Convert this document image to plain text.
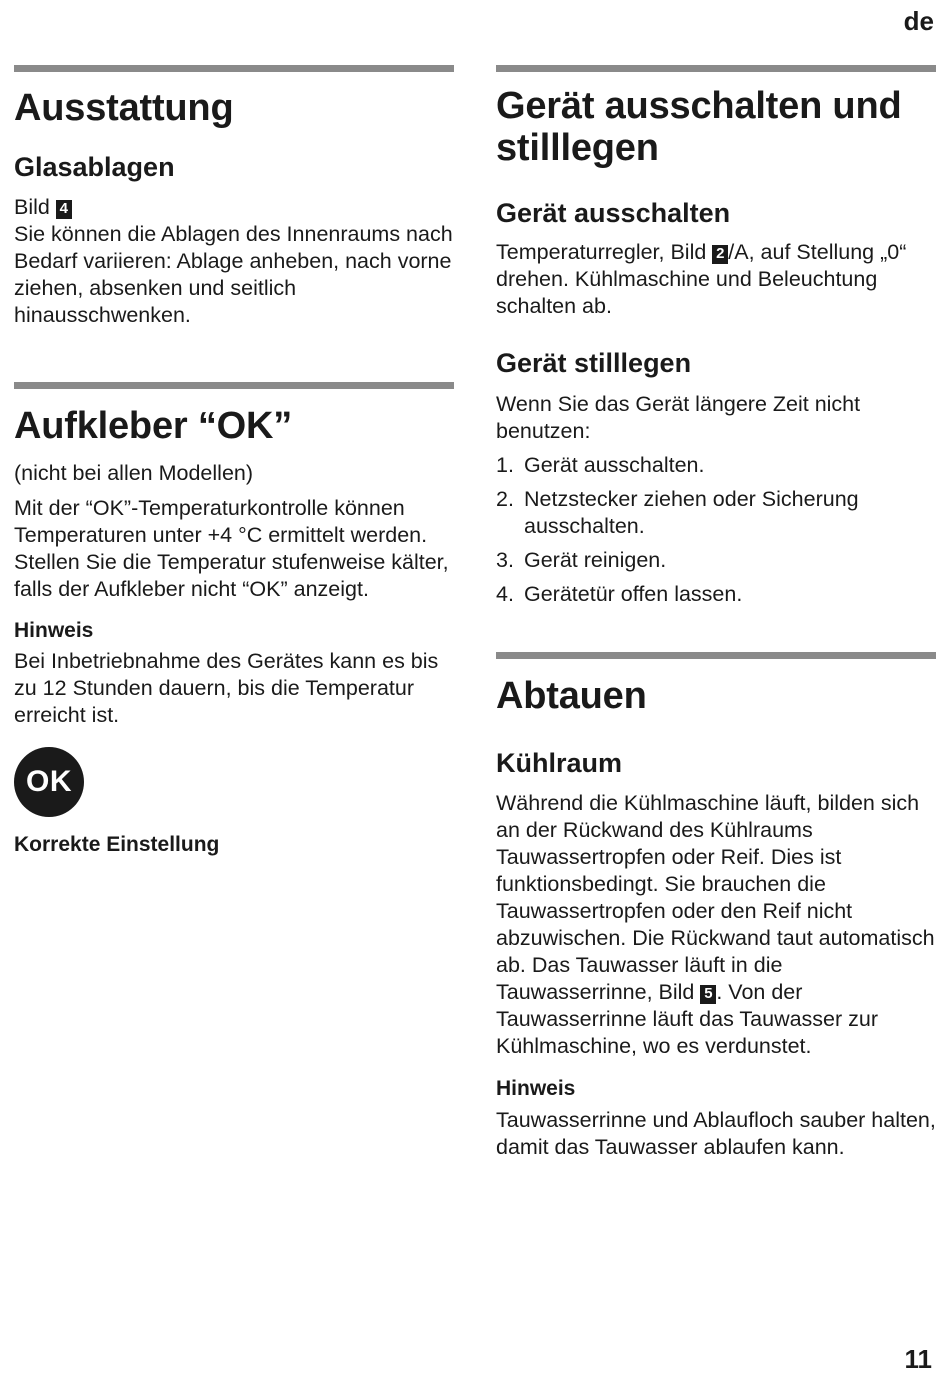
de
Ausstattung
Glasablagen

Bild 4

Sie können die Ablagen des Innenraums nach Bedarf variieren: Ablage anheben, nach vorne ziehen, absenken und seitlich hinausschwenken.

Aufkleber “OK”

(nicht bei allen Modellen)

Mit der “OK”-Temperaturkontrolle können Temperaturen unter +4 °C ermittelt werden. Stellen Sie die Temperatur stufenweise kälter, falls der Aufkleber nicht “OK” anzeigt.

Hinweis

Bei Inbetriebnahme des Gerätes kann es bis zu 12 Stunden dauern, bis die Temperatur erreicht ist.

OK
Korrekte Einstellung
Gerät ausschalten und stilllegen
Gerät ausschalten

Temperaturregler, Bild 2 /A, auf Stellung „0“ drehen. Kühlmaschine und Beleuchtung schalten ab.

Gerät stilllegen

Wenn Sie das Gerät längere Zeit nicht benutzen:

1. Gerät ausschalten.
2. Netzstecker ziehen oder Sicherung ausschalten.
3. Gerät reinigen.
4. Gerätetür offen lassen.
Abtauen
Kühlraum

Während die Kühlmaschine läuft, bilden sich an der Rückwand des Kühlraums Tauwassertropfen oder Reif. Dies ist funktionsbedingt. Sie brauchen die Tauwassertropfen oder den Reif nicht abzuwischen. Die Rückwand taut automatisch ab. Das Tauwasser läuft in die Tauwasserrinne, Bild 5 . Von der Tauwasserrinne läuft das Tauwasser zur Kühlmaschine, wo es verdunstet.

Hinweis

Tauwasserrinne und Ablaufloch sauber halten, damit das Tauwasser ablaufen kann.

11
